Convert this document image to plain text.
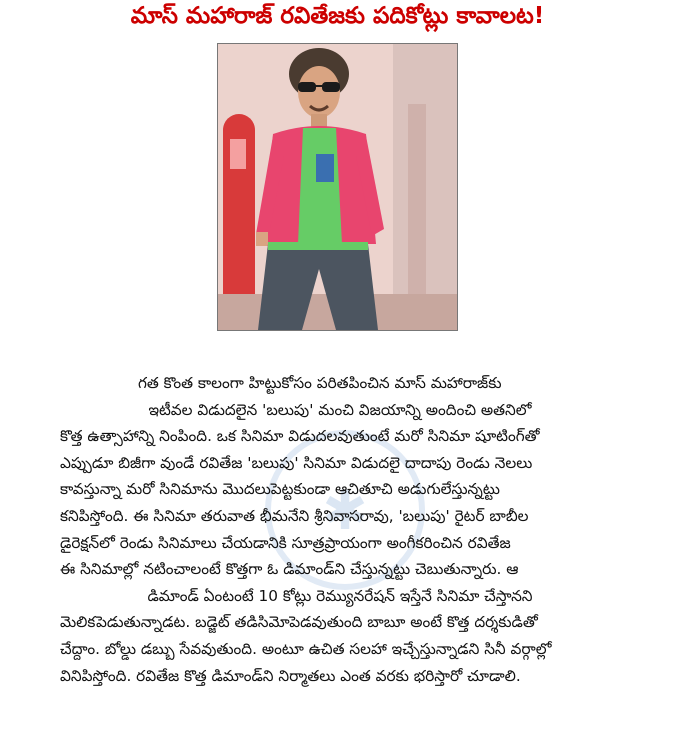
మాస్ మహారాజ్ రవితేజకు పదికోట్లు కావాలట!
✱
గత కొంత కాలంగా హిట్టుకోసం పరితపించిన మాస్ మహారాజ్‌కు
ఇటీవల విడుదలైన 'బలుపు' మంచి విజయాన్ని అందించి అతనిలో
కొత్త ఉత్సాహాన్ని నింపింది. ఒక సినిమా విడుదలవుతుంటే మరో సినిమా షూటింగ్‌తో
ఎప్పుడూ బిజీగా వుండే రవితేజ 'బలుపు' సినిమా విడుదలై దాదాపు రెండు నెలలు
కావస్తున్నా మరో సినిమాను మొదలుపెట్టకుండా ఆచితూచి అడుగులేస్తున్నట్టు
కనిపిస్తోంది. ఈ సినిమా తరువాత భీమనేని శ్రీనివాసరావు, 'బలుపు' రైటర్ బాబీల
డైరెక్షన్‌లో రెండు సినిమాలు చేయడానికి సూత్రప్రాయంగా అంగీకరించిన రవితేజ
ఈ సినిమాల్లో నటించాలంటే కొత్తగా ఓ డిమాండ్‌ని చేస్తున్నట్టు చెబుతున్నారు. ఆ
డిమాండ్ ఏంటంటే 10 కోట్లు రెమ్యునరేషన్ ఇస్తేనే సినిమా చేస్తానని
మెలికపెడుతున్నాడట. బడ్జెట్ తడిసిమోపెడవుతుంది బాబూ అంటే కొత్త దర్శకుడితో
చేద్దాం. బోల్డు డబ్బు సేవవుతుంది. అంటూ ఉచిత సలహా ఇచ్చేస్తున్నాడని సినీ వర్గాల్లో
వినిపిస్తోంది. రవితేజ కొత్త డిమాండ్‌ని నిర్మాతలు ఎంత వరకు భరిస్తారో చూడాలి.
